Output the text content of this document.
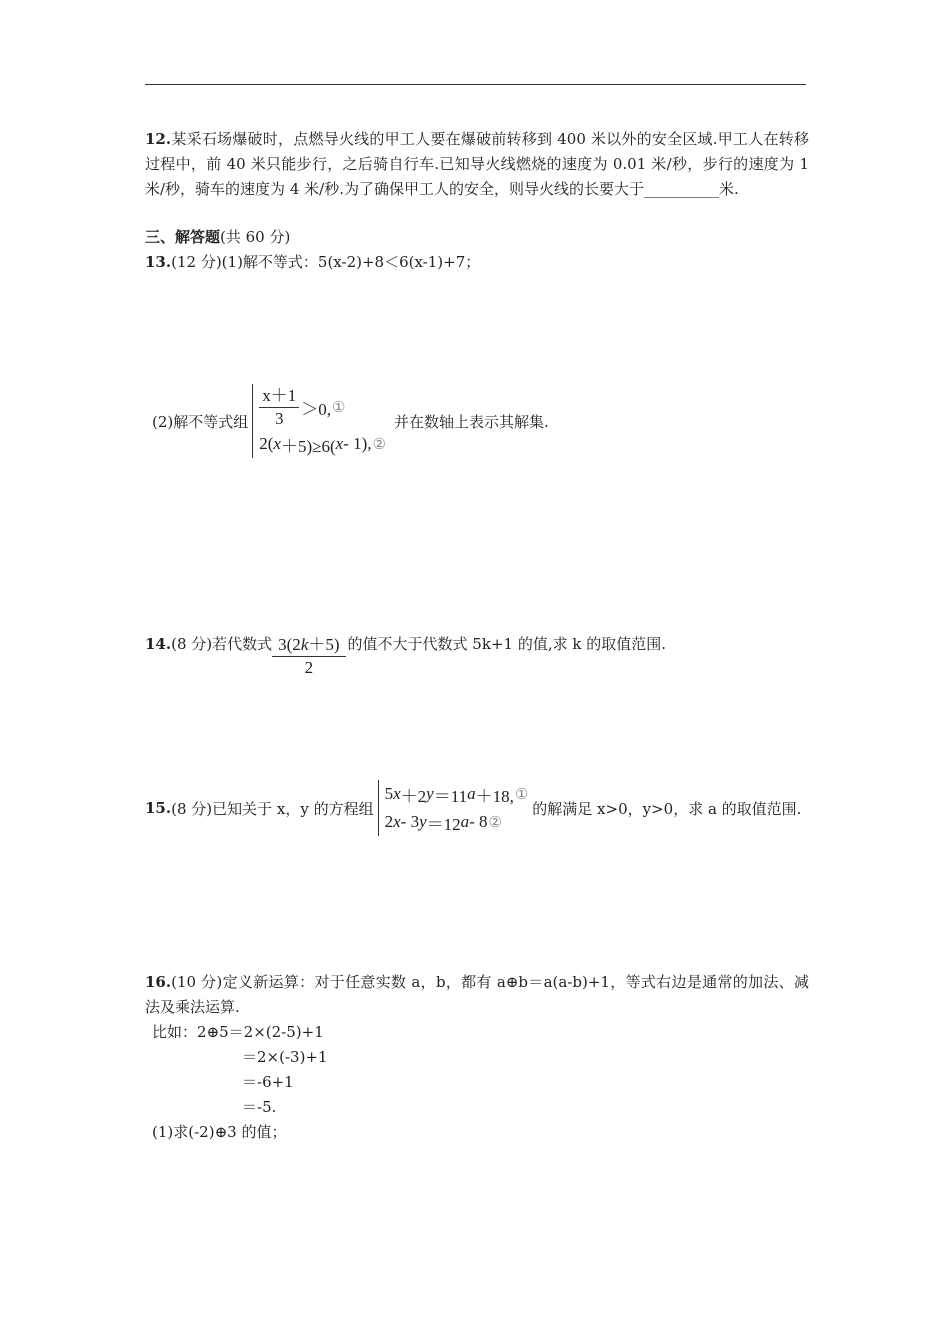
12.某采石场爆破时，点燃导火线的甲工人要在爆破前转移到 400 米以外的安全区域.甲工人在转移过程中，前 40 米只能步行，之后骑自行车.已知导火线燃烧的速度为 0.01 米/秒，步行的速度为 1 米/秒，骑车的速度为 4 米/秒.为了确保甲工人的安全，则导火线的长要大于__________米.
三、解答题(共 60 分)
13.(12 分)(1)解不等式：5(x-2)+8＜6(x-1)+7；
(2)解不等式组 $\frac{x+1}{3} >0$, ①
2( x ＋5)≥6( x - 1), ②
并在数轴上表示其解集.
14. (8 分)若代数式 $\frac{3(2k+5)}{2}$ 的值不大于代数式 5k+1 的值,求 k 的取值范围.
15. (8 分)已知关于 x，y 的方程组
5 x ＋2 y ＝11 a ＋18, ①
2 x - 3 y ＝12 a - 8 ②
的解满足 x>0，y>0，求 a 的取值范围.
16.(10 分)定义新运算：对于任意实数 a，b，都有 a⊕b＝a(a-b)+1，等式右边是通常的加法、减法及乘法运算.
比如：2⊕5＝2×(2-5)+1
＝2×(-3)+1
＝-6+1
＝-5.
(1)求(-2)⊕3 的值；
